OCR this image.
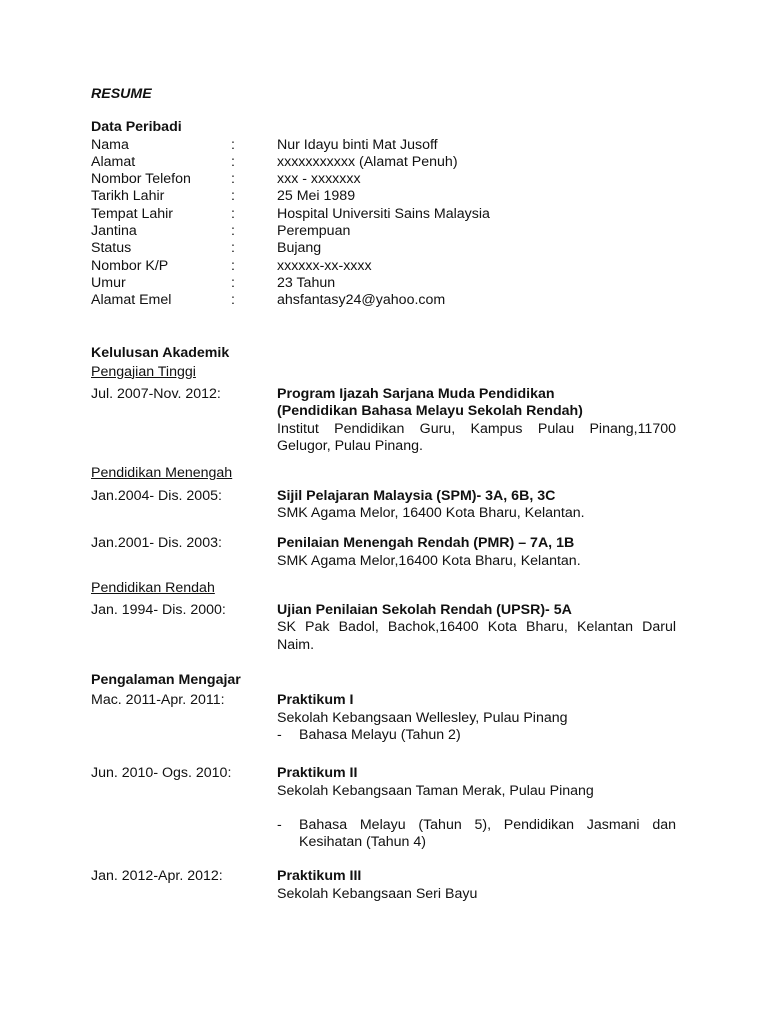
RESUME
Data Peribadi
Nama	:	Nur Idayu binti Mat Jusoff
Alamat	:	xxxxxxxxxxx (Alamat Penuh)
Nombor Telefon	:	xxx - xxxxxxx
Tarikh Lahir	:	25 Mei 1989
Tempat Lahir	:	Hospital Universiti Sains Malaysia
Jantina	:	Perempuan
Status	:	Bujang
Nombor K/P	:	xxxxxx-xx-xxxx
Umur	:	23 Tahun
Alamat Emel	:	ahsfantasy24@yahoo.com
Kelulusan Akademik
Pengajian Tinggi
Jul. 2007-Nov. 2012:	Program Ijazah Sarjana Muda Pendidikan
(Pendidikan Bahasa Melayu Sekolah Rendah)
Institut Pendidikan Guru, Kampus Pulau Pinang,11700 Gelugor, Pulau Pinang.
Pendidikan Menengah
Jan.2004- Dis. 2005:	Sijil Pelajaran Malaysia (SPM)- 3A, 6B, 3C
SMK Agama Melor, 16400 Kota Bharu, Kelantan.
Jan.2001- Dis. 2003:	Penilaian Menengah Rendah (PMR) – 7A, 1B
SMK Agama Melor,16400 Kota Bharu, Kelantan.
Pendidikan Rendah
Jan. 1994- Dis. 2000:	Ujian Penilaian Sekolah Rendah (UPSR)- 5A
SK Pak Badol, Bachok,16400 Kota Bharu, Kelantan Darul Naim.
Pengalaman Mengajar
Mac. 2011-Apr. 2011:	Praktikum I
Sekolah Kebangsaan Wellesley, Pulau Pinang
-	Bahasa Melayu (Tahun 2)
Jun. 2010- Ogs. 2010:	Praktikum II
Sekolah Kebangsaan Taman Merak, Pulau Pinang
-	Bahasa Melayu (Tahun 5), Pendidikan Jasmani dan Kesihatan (Tahun 4)
Jan. 2012-Apr. 2012:	Praktikum III
Sekolah Kebangsaan Seri Bayu
